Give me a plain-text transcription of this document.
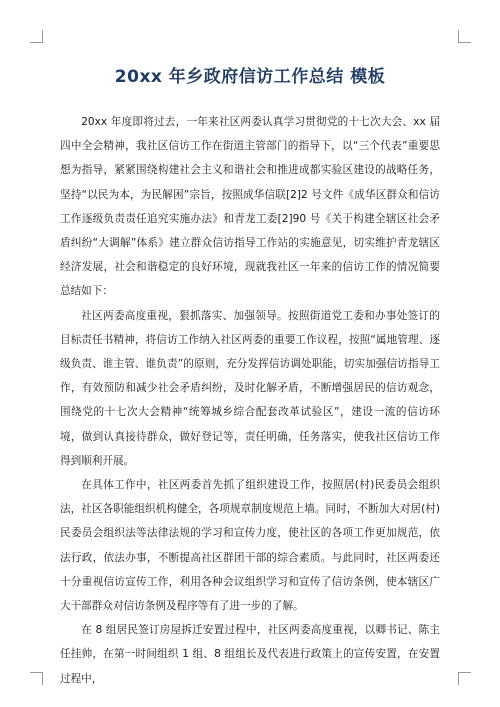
20xx 年乡政府信访工作总结 模板

20xx 年度即将过去，一年来社区两委认真学习贯彻党的十七次大会、xx 届四中全会精神，我社区信访工作在街道主管部门的指导下，以“三个代表”重要思想为指导，紧紧围绕构建社会主义和谐社会和推进成都实验区建设的战略任务，坚持“以民为本，为民解困”宗旨，按照成华信联[2]2 号文件《成华区群众和信访工作逐级负责责任追究实施办法》和青龙工委[2]90 号《关于构建全辖区社会矛盾纠纷“大调解”体系》建立群众信访指导工作站的实施意见，切实维护青龙辖区经济发展，社会和谐稳定的良好环境，现就我社区一年来的信访工作的情况简要总结如下：

社区两委高度重视，狠抓落实、加强领导。按照街道党工委和办事处签订的目标责任书精神，将信访工作纳入社区两委的重要工作议程，按照“属地管理、逐级负责、谁主管、谁负责”的原则，充分发挥信访调处职能，切实加强信访指导工作，有效预防和减少社会矛盾纠纷，及时化解矛盾，不断增强居民的信访观念，围绕党的十七次大会精神“统筹城乡综合配套改革试验区”，建设一流的信访环境，做到认真接待群众，做好登记等，责任明确，任务落实，使我社区信访工作得到顺利开展。

在具体工作中，社区两委首先抓了组织建设工作，按照居(村)民委员会组织法，社区各职能组织机构健全，各项规章制度规范上墙。同时，不断加大对居(村)民委员会组织法等法律法规的学习和宣传力度，使社区的各项工作更加规范，依法行政，依法办事，不断提高社区群团干部的综合素质。与此同时，社区两委还十分重视信访宣传工作，利用各种会议组织学习和宣传了信访条例，使本辖区广大干部群众对信访条例及程序等有了进一步的了解。

在 8 组居民签订房屋拆迁安置过程中，社区两委高度重视，以卿书记、陈主任挂帅，在第一时间组织 1 组、8 组组长及代表进行政策上的宣传安置，在安置过程中，
